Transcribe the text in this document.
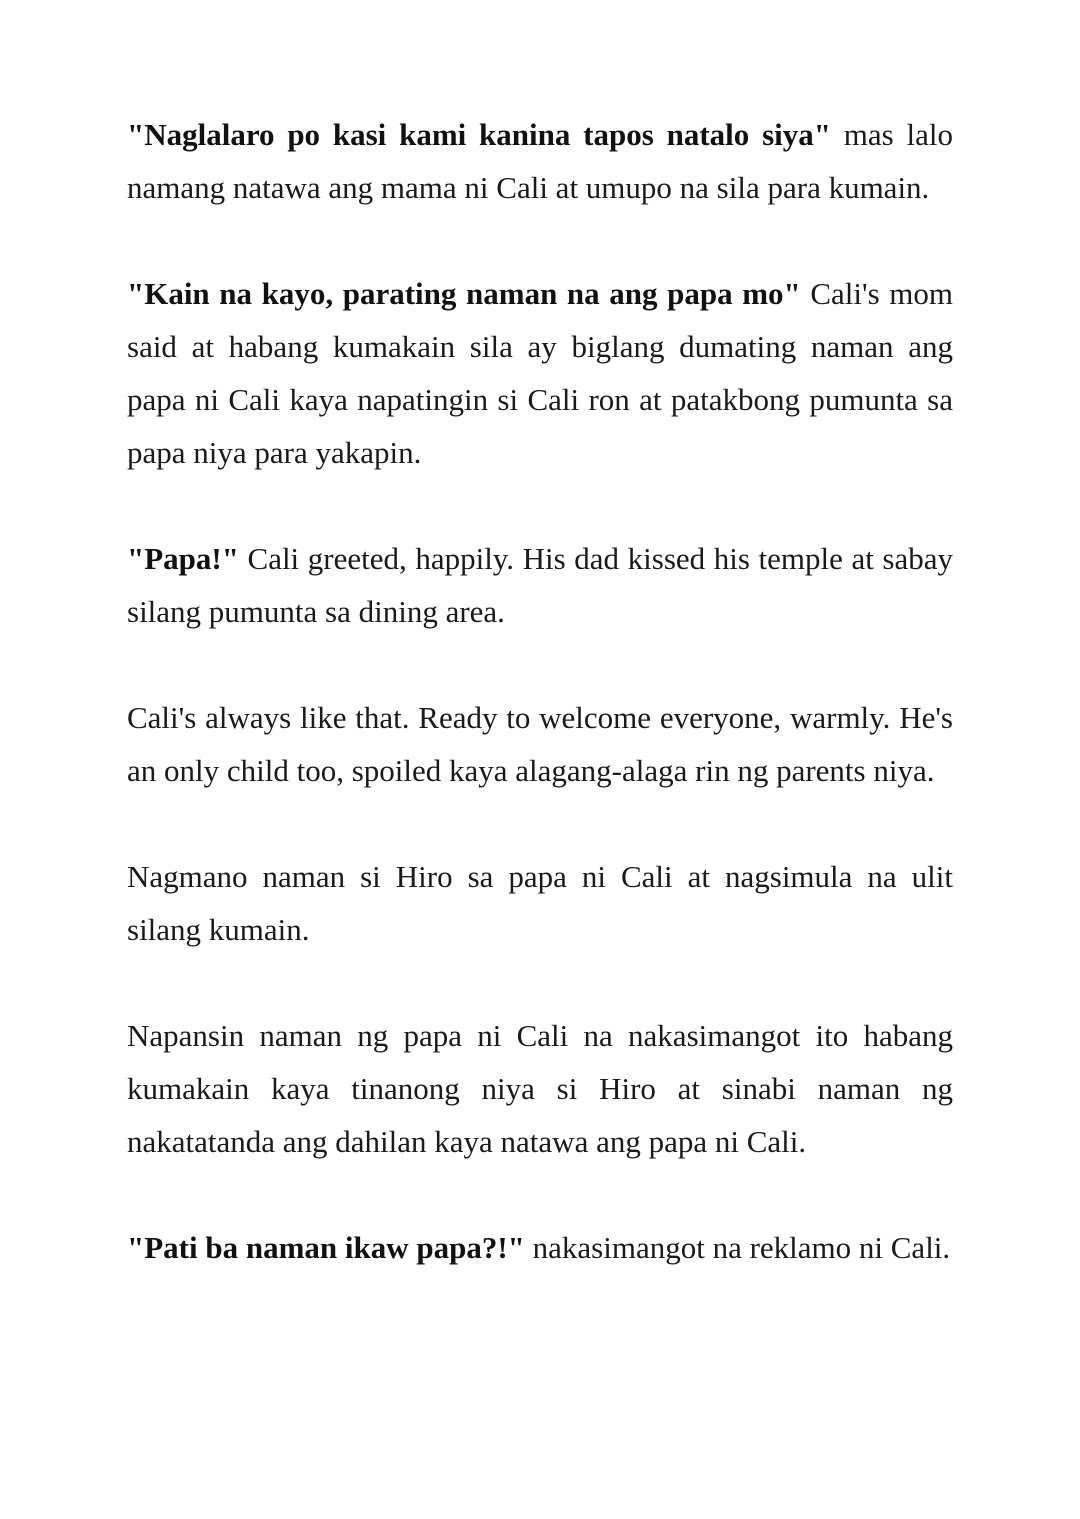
"Naglalaro po kasi kami kanina tapos natalo siya" mas lalo namang natawa ang mama ni Cali at umupo na sila para kumain.

"Kain na kayo, parating naman na ang papa mo" Cali's mom said at habang kumakain sila ay biglang dumating naman ang papa ni Cali kaya napatingin si Cali ron at patakbong pumunta sa papa niya para yakapin.

"Papa!" Cali greeted, happily. His dad kissed his temple at sabay silang pumunta sa dining area.

Cali's always like that. Ready to welcome everyone, warmly. He's an only child too, spoiled kaya alagang-alaga rin ng parents niya.

Nagmano naman si Hiro sa papa ni Cali at nagsimula na ulit silang kumain.

Napansin naman ng papa ni Cali na nakasimangot ito habang kumakain kaya tinanong niya si Hiro at sinabi naman ng nakatatanda ang dahilan kaya natawa ang papa ni Cali.

"Pati ba naman ikaw papa?!" nakasimangot na reklamo ni Cali.
